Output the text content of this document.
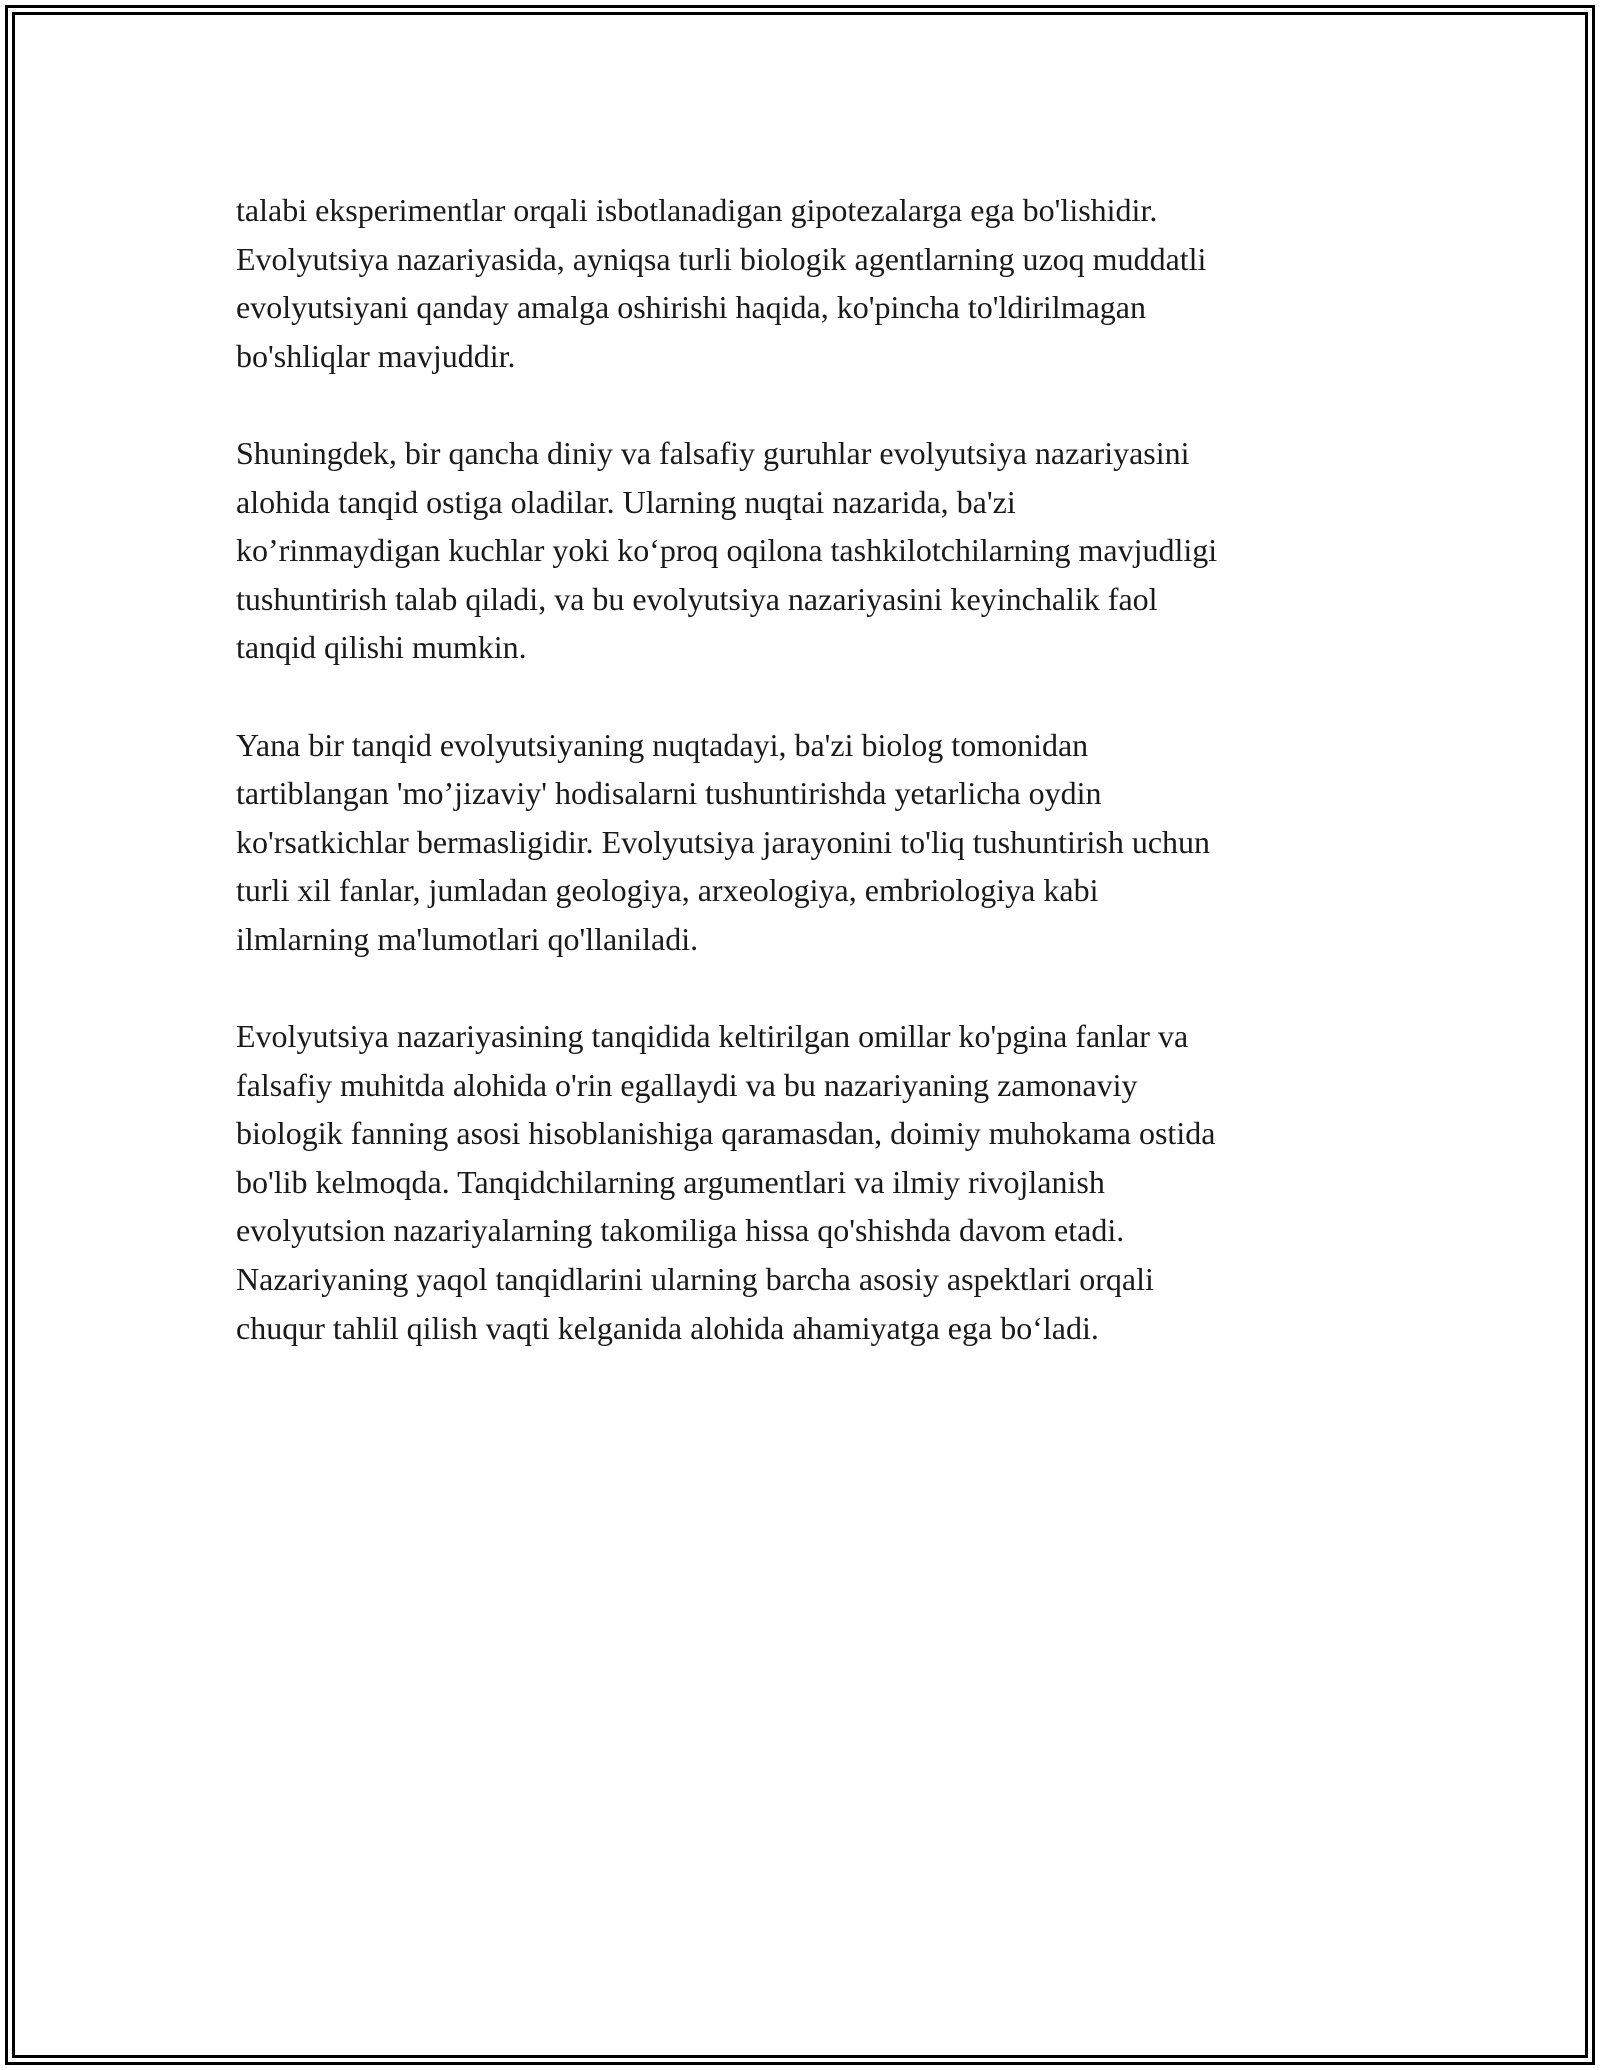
talabi eksperimentlar orqali isbotlanadigan gipotezalarga ega bo'lishidir.
Evolyutsiya nazariyasida, ayniqsa turli biologik agentlarning uzoq muddatli
evolyutsiyani qanday amalga oshirishi haqida, ko'pincha to'ldirilmagan
bo'shliqlar mavjuddir.

Shuningdek, bir qancha diniy va falsafiy guruhlar evolyutsiya nazariyasini
alohida tanqid ostiga oladilar. Ularning nuqtai nazarida, ba'zi
ko’rinmaydigan kuchlar yoki ko‘proq oqilona tashkilotchilarning mavjudligi
tushuntirish talab qiladi, va bu evolyutsiya nazariyasini keyinchalik faol
tanqid qilishi mumkin.

Yana bir tanqid evolyutsiyaning nuqtadayi, ba'zi biolog tomonidan
tartiblangan 'mo’jizaviy' hodisalarni tushuntirishda yetarlicha oydin
ko'rsatkichlar bermasligidir. Evolyutsiya jarayonini to'liq tushuntirish uchun
turli xil fanlar, jumladan geologiya, arxeologiya, embriologiya kabi
ilmlarning ma'lumotlari qo'llaniladi.

Evolyutsiya nazariyasining tanqidida keltirilgan omillar ko'pgina fanlar va
falsafiy muhitda alohida o'rin egallaydi va bu nazariyaning zamonaviy
biologik fanning asosi hisoblanishiga qaramasdan, doimiy muhokama ostida
bo'lib kelmoqda. Tanqidchilarning argumentlari va ilmiy rivojlanish
evolyutsion nazariyalarning takomiliga hissa qo'shishda davom etadi.
Nazariyaning yaqol tanqidlarini ularning barcha asosiy aspektlari orqali
chuqur tahlil qilish vaqti kelganida alohida ahamiyatga ega bo‘ladi.
